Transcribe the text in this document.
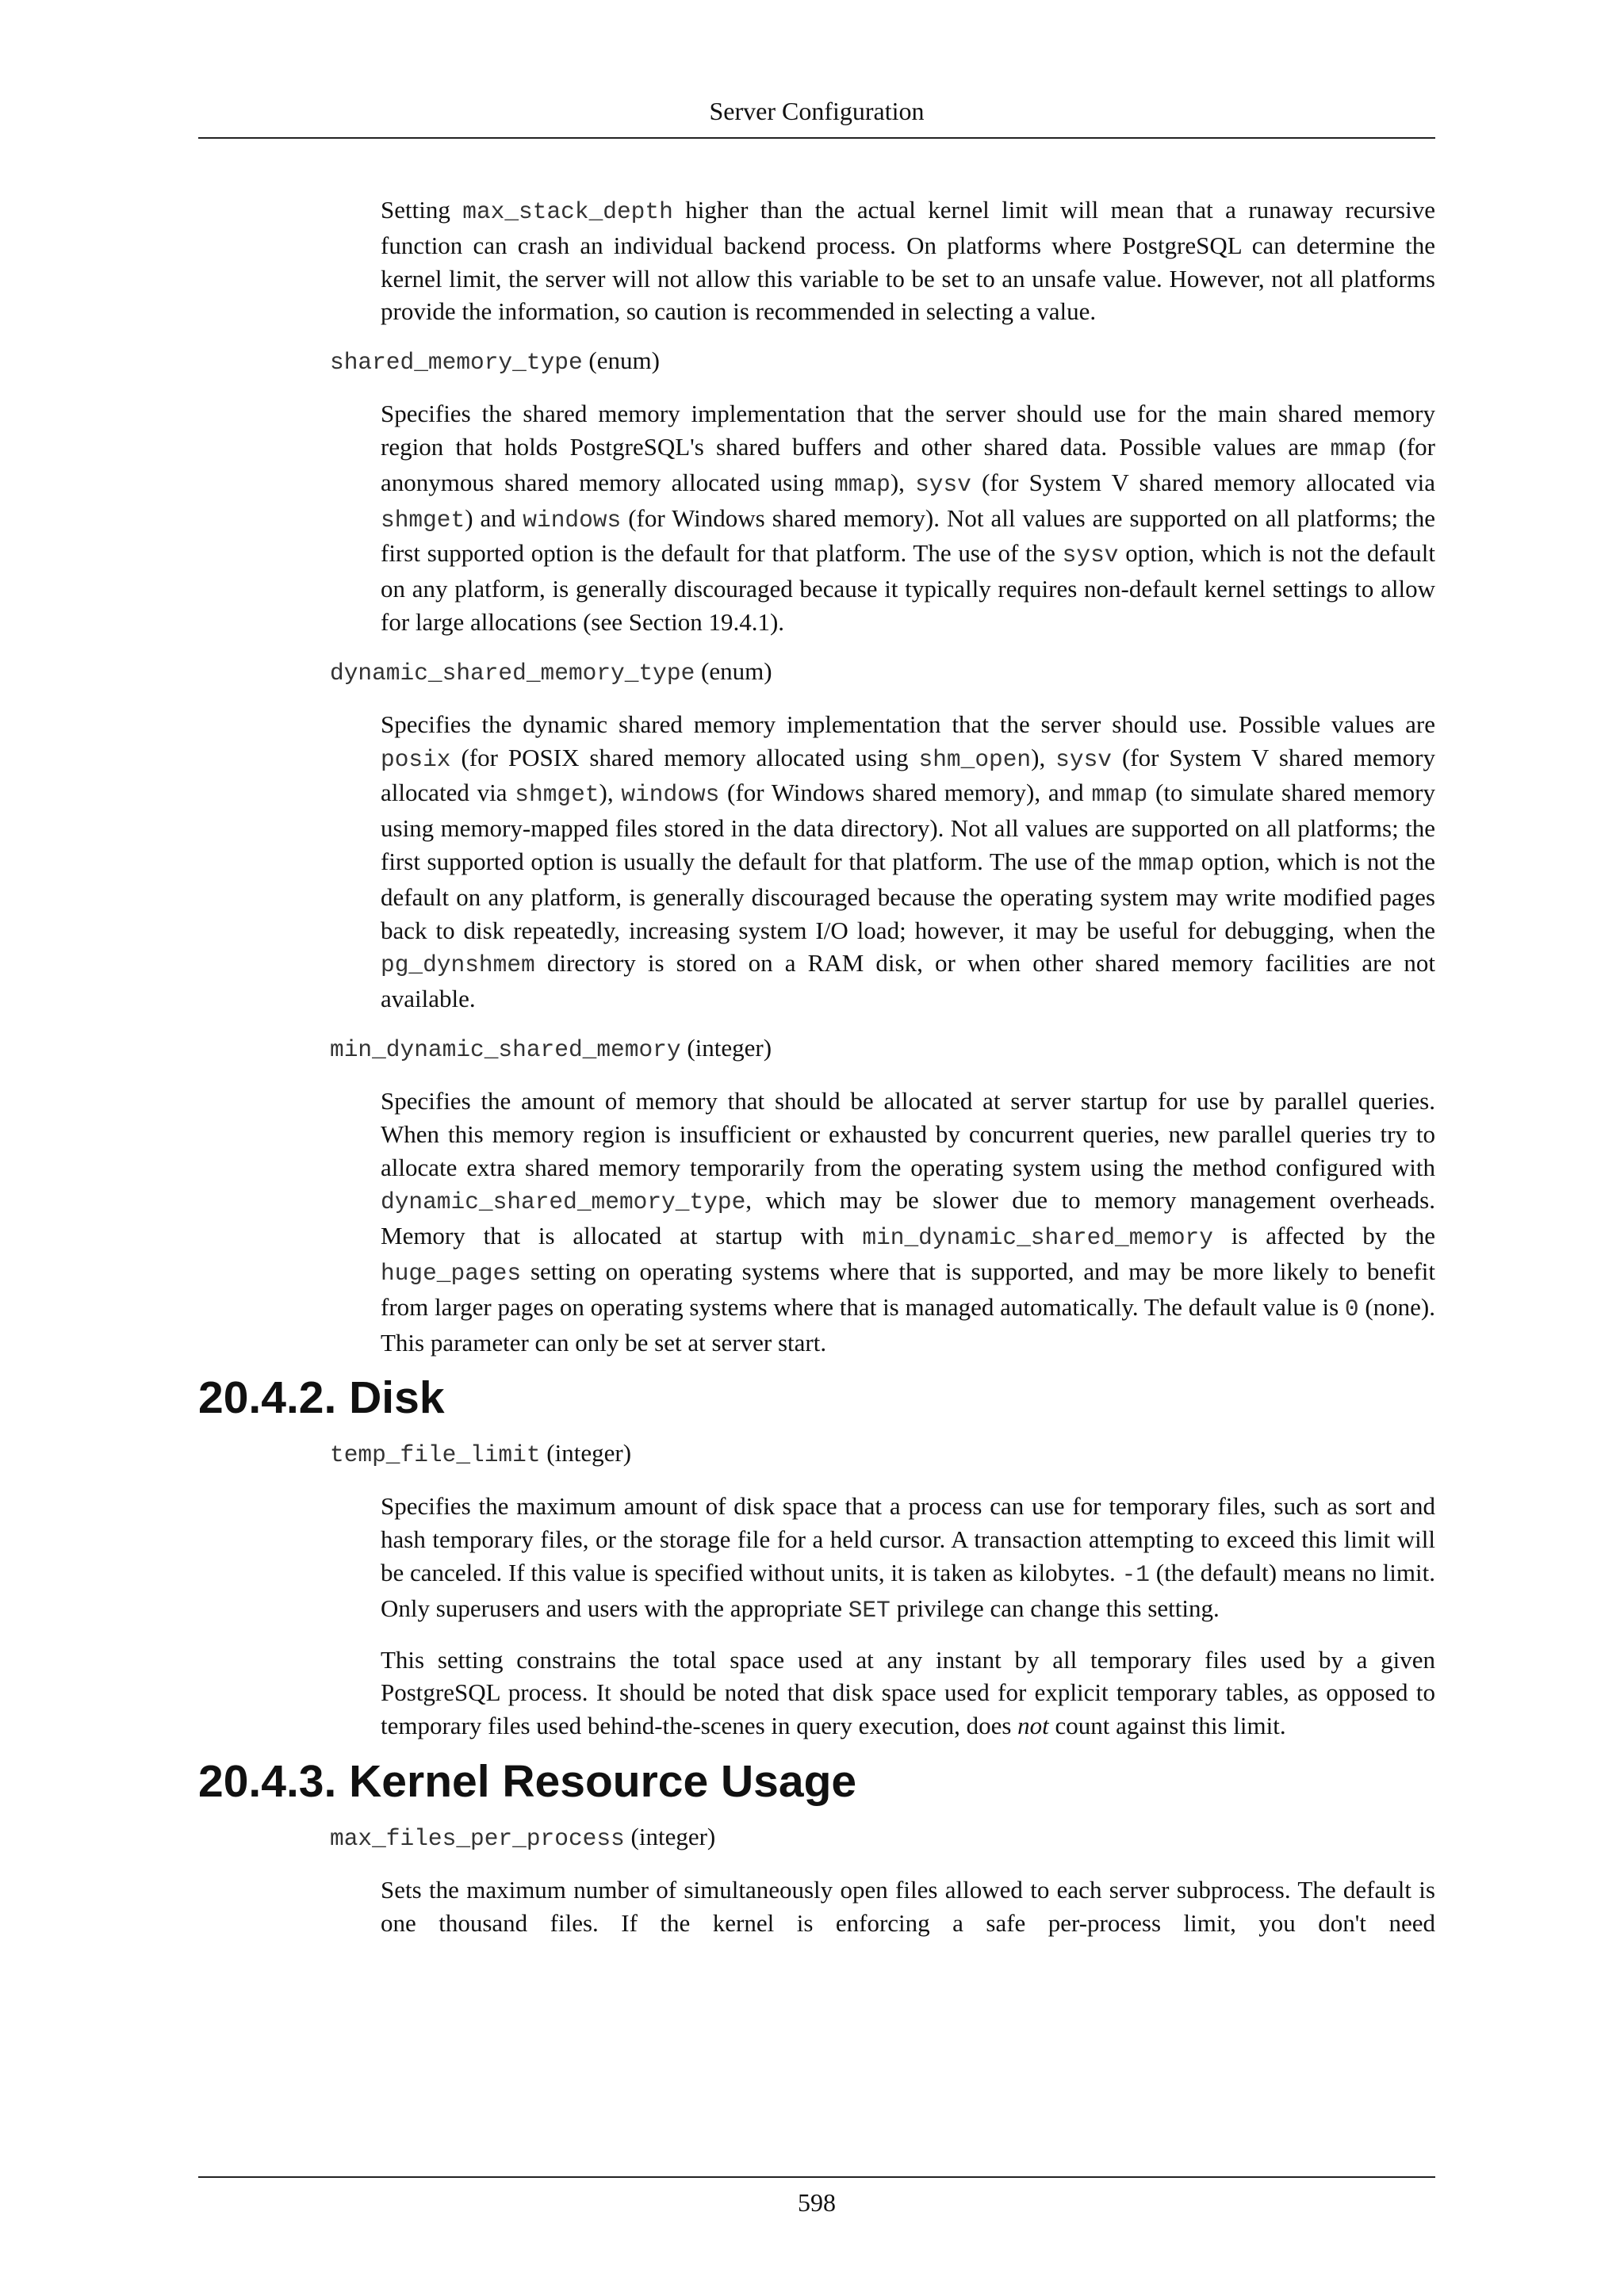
Server Configuration

Setting max_stack_depth higher than the actual kernel limit will mean that a runaway recursive function can crash an individual backend process. On platforms where PostgreSQL can determine the kernel limit, the server will not allow this variable to be set to an unsafe value. However, not all platforms provide the information, so caution is recommended in selecting a value.

shared_memory_type (enum)

Specifies the shared memory implementation that the server should use for the main shared memory region that holds PostgreSQL's shared buffers and other shared data. Possible values are mmap (for anonymous shared memory allocated using mmap), sysv (for System V shared memory allocated via shmget) and windows (for Windows shared memory). Not all values are supported on all platforms; the first supported option is the default for that platform. The use of the sysv option, which is not the default on any platform, is generally discouraged because it typically requires non-default kernel settings to allow for large allocations (see Section 19.4.1).

dynamic_shared_memory_type (enum)

Specifies the dynamic shared memory implementation that the server should use. Possible values are posix (for POSIX shared memory allocated using shm_open), sysv (for System V shared memory allocated via shmget), windows (for Windows shared memory), and mmap (to simulate shared memory using memory-mapped files stored in the data directory). Not all values are supported on all platforms; the first supported option is usually the default for that platform. The use of the mmap option, which is not the default on any platform, is generally discouraged because the operating system may write modified pages back to disk repeatedly, increasing system I/O load; however, it may be useful for debugging, when the pg_dynshmem directory is stored on a RAM disk, or when other shared memory facilities are not available.

min_dynamic_shared_memory (integer)

Specifies the amount of memory that should be allocated at server startup for use by parallel queries. When this memory region is insufficient or exhausted by concurrent queries, new parallel queries try to allocate extra shared memory temporarily from the operating system using the method configured with dynamic_shared_memory_type, which may be slower due to memory management overheads. Memory that is allocated at startup with min_dynamic_shared_memory is affected by the huge_pages setting on operating systems where that is supported, and may be more likely to benefit from larger pages on operating systems where that is managed automatically. The default value is 0 (none). This parameter can only be set at server start.

20.4.2. Disk
temp_file_limit (integer)

Specifies the maximum amount of disk space that a process can use for temporary files, such as sort and hash temporary files, or the storage file for a held cursor. A transaction attempting to exceed this limit will be canceled. If this value is specified without units, it is taken as kilobytes. -1 (the default) means no limit. Only superusers and users with the appropriate SET privilege can change this setting.

This setting constrains the total space used at any instant by all temporary files used by a given PostgreSQL process. It should be noted that disk space used for explicit temporary tables, as opposed to temporary files used behind-the-scenes in query execution, does not count against this limit.

20.4.3. Kernel Resource Usage
max_files_per_process (integer)

Sets the maximum number of simultaneously open files allowed to each server subprocess. The default is one thousand files. If the kernel is enforcing a safe per-process limit, you don't need

598
